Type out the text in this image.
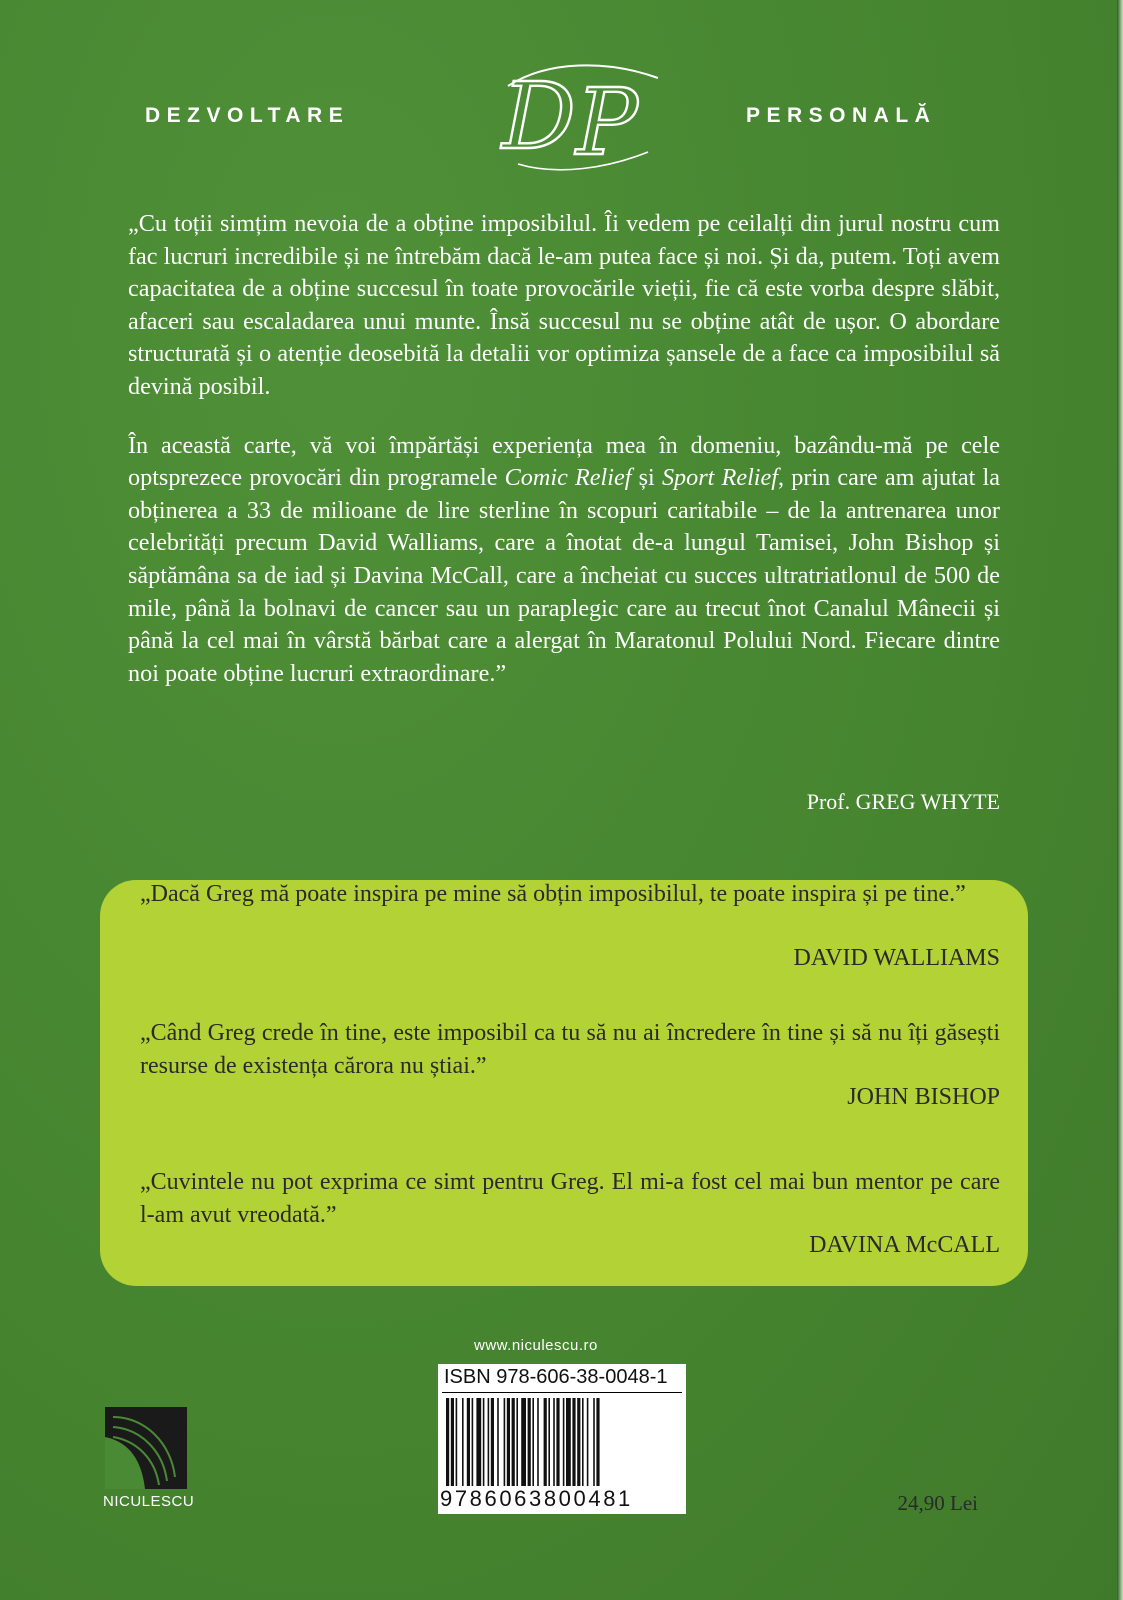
DEZVOLTARE D P	PERSONALĂ

„Cu toții simțim nevoia de a obține imposibilul. Îi vedem pe ceilalți din jurul nostru cum fac lucruri incredibile și ne întrebăm dacă le-am putea face și noi. Și da, putem. Toți avem capacitatea de a obține succesul în toate provocările vieții, fie că este vorba despre slăbit, afaceri sau escaladarea unui munte. Însă succesul nu se obține atât de ușor. O abordare structurată și o atenție deosebită la detalii vor optimiza șansele de a face ca imposibilul să devină posibil.

În această carte, vă voi împărtăși experiența mea în domeniu, bazându-mă pe cele optsprezece provocări din programele Comic Relief și Sport Relief, prin care am ajutat la obținerea a 33 de milioane de lire sterline în scopuri caritabile – de la antrenarea unor celebrități precum David Walliams, care a înotat de-a lungul Tamisei, John Bishop și săptămâna sa de iad și Davina McCall, care a încheiat cu succes ultratriatlonul de 500 de mile, până la bolnavi de cancer sau un paraplegic care au trecut înot Canalul Mânecii și până la cel mai în vârstă bărbat care a alergat în Maratonul Polului Nord. Fiecare dintre noi poate obține lucruri extraordinare.”

Prof. GREG WHYTE
„Dacă Greg mă poate inspira pe mine să obțin imposibilul, te poate inspira și pe tine.”
DAVID WALLIAMS
„Când Greg crede în tine, este imposibil ca tu să nu ai încredere în tine și să nu îți găsești resurse de existența cărora nu știai.”
JOHN BISHOP
„Cuvintele nu pot exprima ce simt pentru Greg. El mi-a fost cel mai bun mentor pe care l-am avut vreodată.”
DAVINA McCALL
www.niculescu.ro
ISBN 978-606-38-0048-1
9786063800481
NICULESCU	24,90 Lei
